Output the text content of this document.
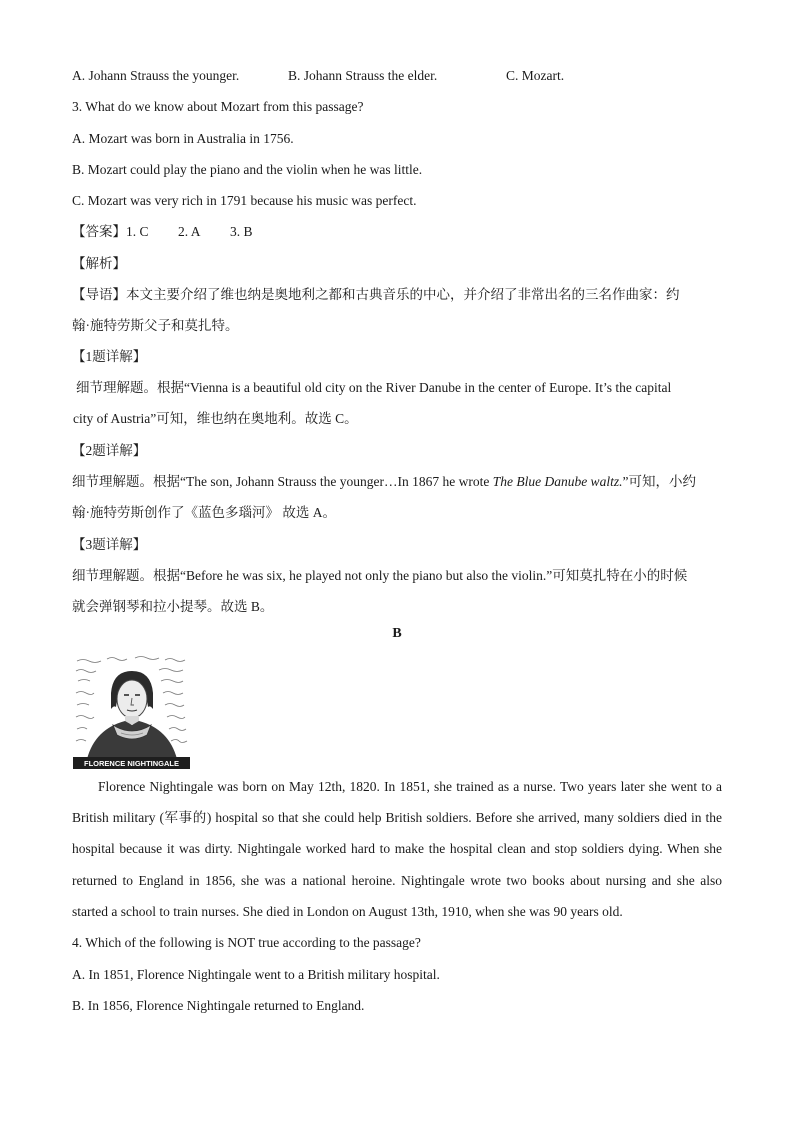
A. Johann Strauss the younger.	B. Johann Strauss the elder.	C. Mozart.
3. What do we know about Mozart from this passage?
A. Mozart was born in Australia in 1756.
B. Mozart could play the piano and the violin when he was little.
C. Mozart was very rich in 1791 because his music was perfect.
【答案】1. C 2. A 3. B
【解析】
【导语】本文主要介绍了维也纳是奥地利之都和古典音乐的中心，并介绍了非常出名的三名作曲家：约
翰·施特劳斯父子和莫扎特。
【1题详解】
细节理解题。根据“Vienna is a beautiful old city on the River Danube in the center of Europe. It’s the capital
city of Austria”可知，维也纳在奥地利。故选 C。
【2题详解】
细节理解题。根据“The son, Johann Strauss the younger…In 1867 he wrote The Blue Danube waltz.”可知，小约
翰·施特劳斯创作了《蓝色多瑙河》 故选 A。
【3题详解】
细节理解题。根据“Before he was six, he played not only the piano but also the violin.”可知莫扎特在小的时候
就会弹钢琴和拉小提琴。故选 B。
B
FLORENCE NIGHTINGALE

Florence Nightingale was born on May 12th, 1820. In 1851, she trained as a nurse. Two years later she went to a British military (军事的) hospital so that she could help British soldiers. Before she arrived, many soldiers died in the hospital because it was dirty. Nightingale worked hard to make the hospital clean and stop soldiers dying. When she returned to England in 1856, she was a national heroine. Nightingale wrote two books about nursing and she also started a school to train nurses. She died in London on August 13th, 1910, when she was 90 years old.

4. Which of the following is NOT true according to the passage?
A. In 1851, Florence Nightingale went to a British military hospital.
B. In 1856, Florence Nightingale returned to England.
